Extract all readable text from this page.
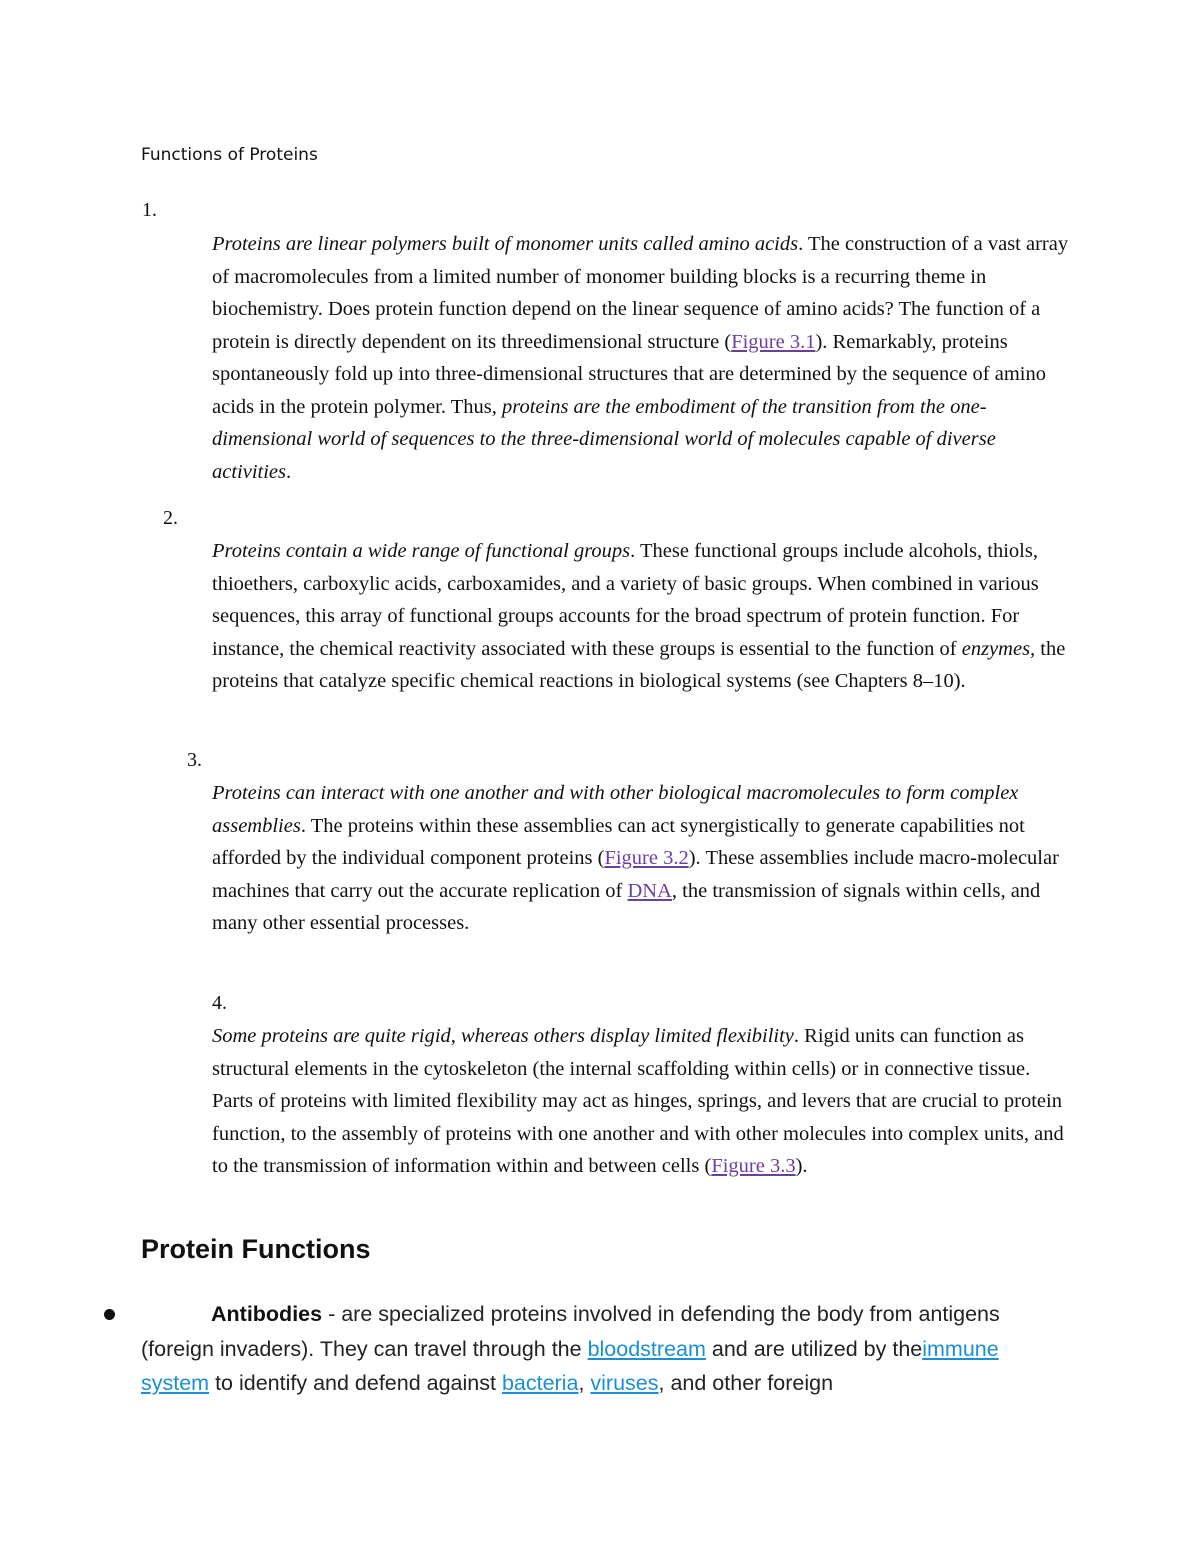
Functions of Proteins
1.

Proteins are linear polymers built of monomer units called amino acids. The construction of a vast array of macromolecules from a limited number of monomer building blocks is a recurring theme in biochemistry. Does protein function depend on the linear sequence of amino acids? The function of a protein is directly dependent on its threedimensional structure (Figure 3.1). Remarkably, proteins spontaneously fold up into three-dimensional structures that are determined by the sequence of amino acids in the protein polymer. Thus, proteins are the embodiment of the transition from the one-dimensional world of sequences to the three-dimensional world of molecules capable of diverse activities.

2.

Proteins contain a wide range of functional groups. These functional groups include alcohols, thiols, thioethers, carboxylic acids, carboxamides, and a variety of basic groups. When combined in various sequences, this array of functional groups accounts for the broad spectrum of protein function. For instance, the chemical reactivity associated with these groups is essential to the function of enzymes, the proteins that catalyze specific chemical reactions in biological systems (see Chapters 8–10).

3.

Proteins can interact with one another and with other biological macromolecules to form complex assemblies. The proteins within these assemblies can act synergistically to generate capabilities not afforded by the individual component proteins (Figure 3.2). These assemblies include macro-molecular machines that carry out the accurate replication of DNA, the transmission of signals within cells, and many other essential processes.

4.

Some proteins are quite rigid, whereas others display limited flexibility. Rigid units can function as structural elements in the cytoskeleton (the internal scaffolding within cells) or in connective tissue. Parts of proteins with limited flexibility may act as hinges, springs, and levers that are crucial to protein function, to the assembly of proteins with one another and with other molecules into complex units, and to the transmission of information within and between cells (Figure 3.3).

Protein Functions

Antibodies - are specialized proteins involved in defending the body from antigens (foreign invaders). They can travel through the bloodstream and are utilized by theimmune system to identify and defend against bacteria, viruses, and other foreign
